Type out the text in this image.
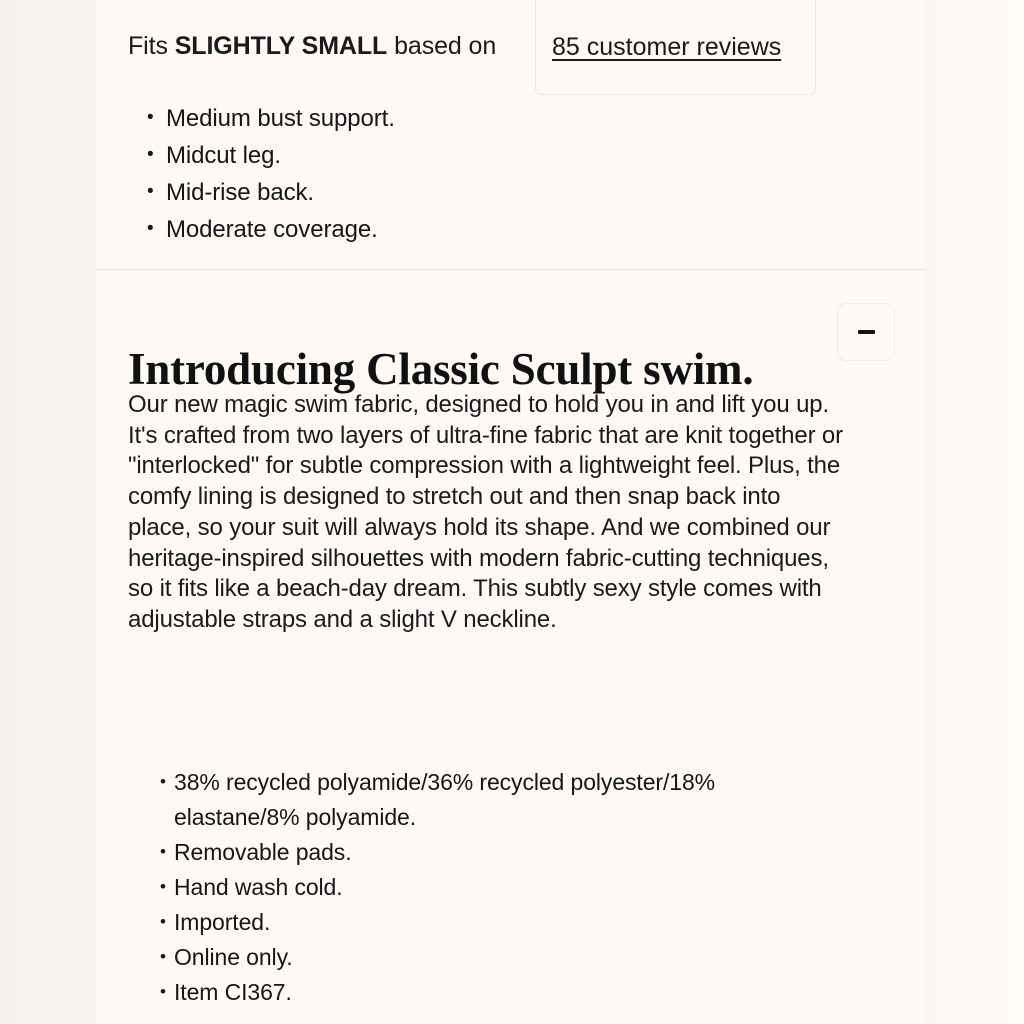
Fits SLIGHTLY SMALL based on 85 customer reviews
• Medium bust support.
• Midcut leg.
• Mid-rise back.
• Moderate coverage.
Introducing Classic Sculpt swim.

Our new magic swim fabric, designed to hold you in and lift you up. It's crafted from two layers of ultra-fine fabric that are knit together or "interlocked" for subtle compression with a lightweight feel. Plus, the comfy lining is designed to stretch out and then snap back into place, so your suit will always hold its shape. And we combined our heritage-inspired silhouettes with modern fabric-cutting techniques, so it fits like a beach-day dream. This subtly sexy style comes with adjustable straps and a slight V neckline.

• 38% recycled polyamide/36% recycled polyester/18% elastane/8% polyamide.
• Removable pads.
• Hand wash cold.
• Imported.
• Online only.
• Item CI367.
